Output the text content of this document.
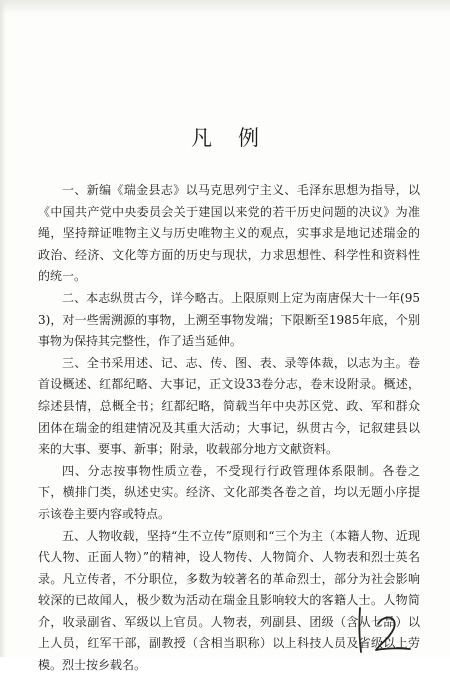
凡例

一、新编《瑞金县志》以马克思列宁主义、毛泽东思想为指导，以《中国共产党中央委员会关于建国以来党的若干历史问题的决议》为准绳，坚持辩证唯物主义与历史唯物主义的观点，实事求是地记述瑞金的政治、经济、文化等方面的历史与现状，力求思想性、科学性和资料性的统一。

二、本志纵贯古今，详今略古。上限原则上定为南唐保大十一年(953)，对一些需溯源的事物，上溯至事物发端；下限断至1985年底，个别事物为保持其完整性，作了适当延伸。

三、全书采用述、记、志、传、图、表、录等体裁，以志为主。卷首设概述、红都纪略、大事记，正文设33卷分志，卷末设附录。概述，综述县情，总概全书；红都纪略，简载当年中央苏区党、政、军和群众团体在瑞金的组建情况及其重大活动；大事记，纵贯古今，记叙建县以来的大事、要事、新事；附录，收载部分地方文献资料。

四、分志按事物性质立卷，不受现行行政管理体系限制。各卷之下，横排门类，纵述史实。经济、文化部类各卷之首，均以无题小序提示该卷主要内容或特点。

五、人物收载，坚持“生不立传”原则和“三个为主（本籍人物、近现代人物、正面人物）”的精神，设人物传、人物简介、人物表和烈士英名录。凡立传者，不分职位，多数为较著名的革命烈士，部分为社会影响较深的已故闻人，极少数为活动在瑞金且影响较大的客籍人士。人物简介，收录副省、军级以上官员。人物表，列副县、团级（含从七品）以上人员，红军干部，副教授（含相当职称）以上科技人员及省级以上劳模。烈士按乡载名。
